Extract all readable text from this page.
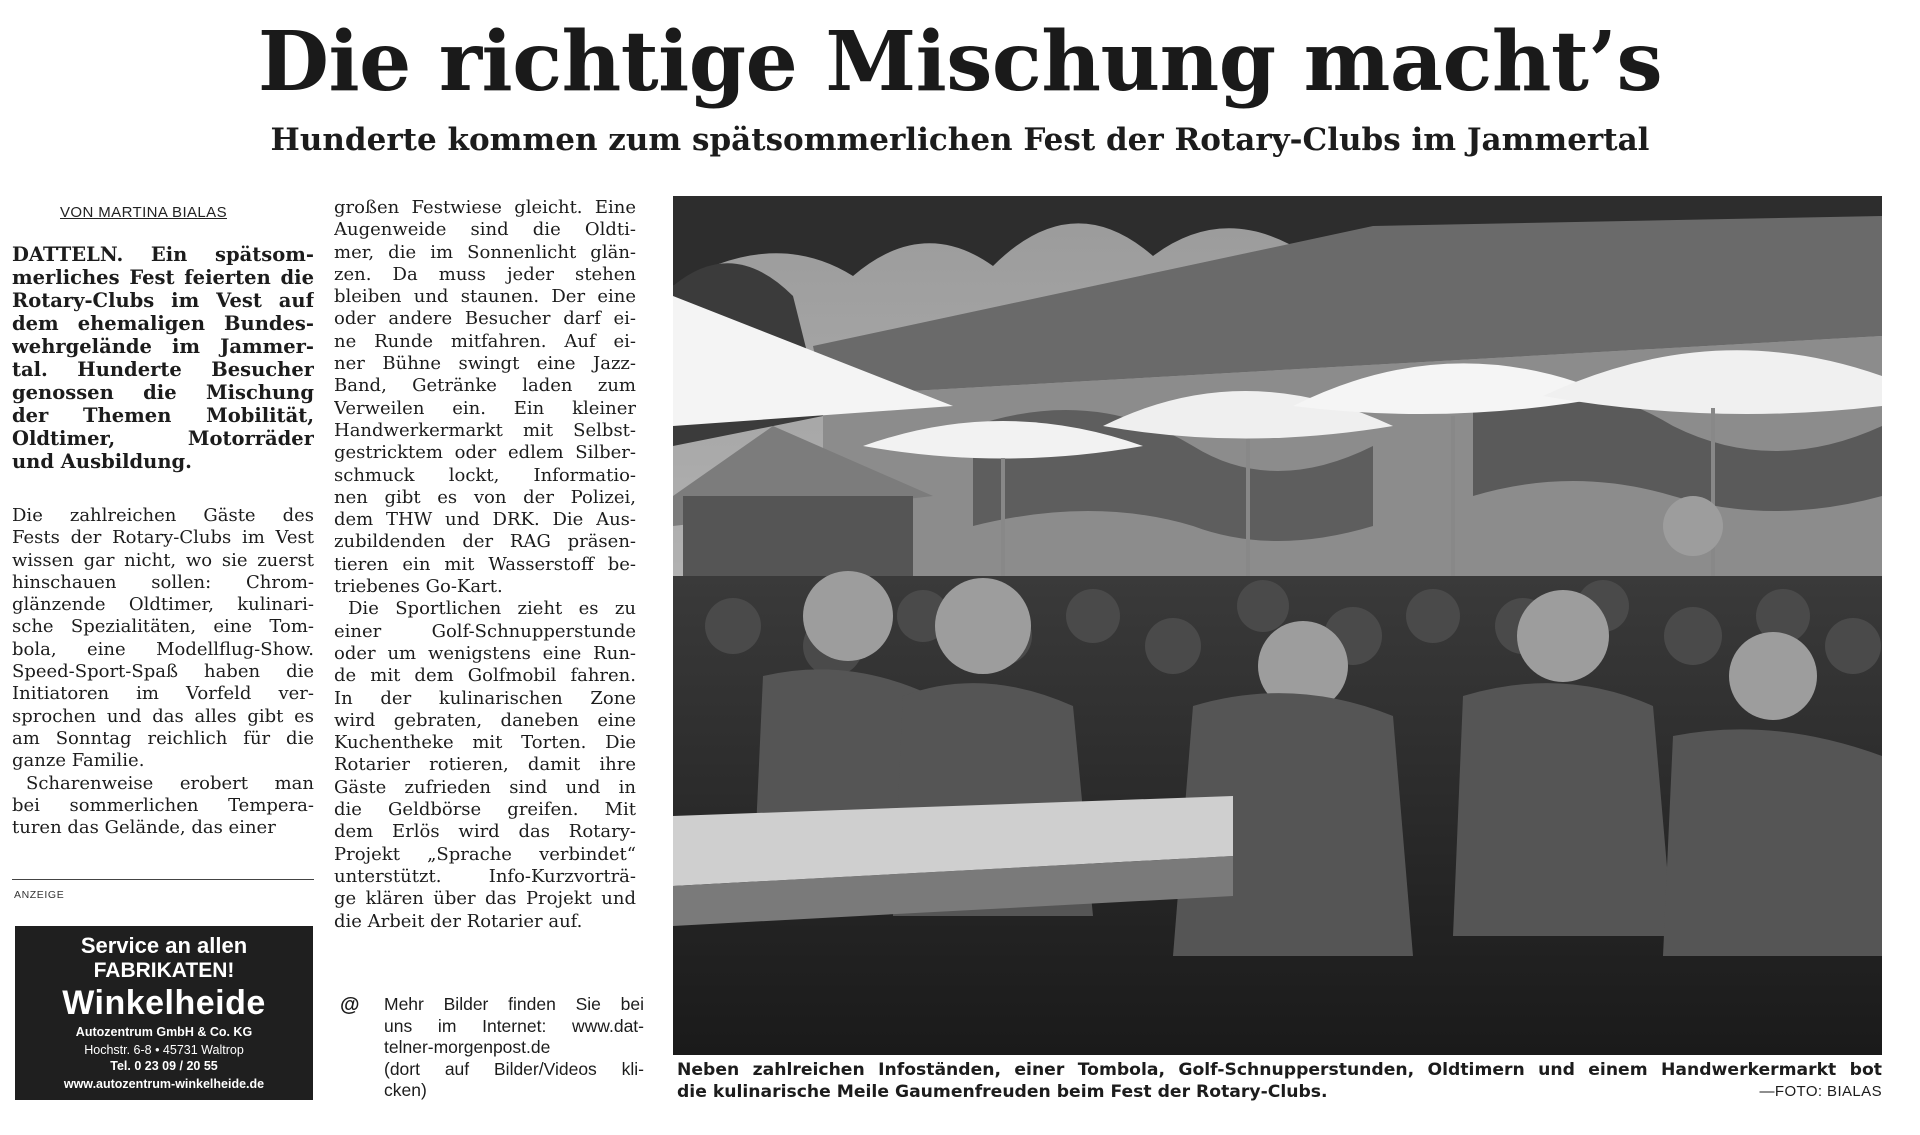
Die richtige Mischung macht’s
Hunderte kommen zum spätsommerlichen Fest der Rotary-Clubs im Jammertal
VON MARTINA BIALAS
DATTELN. Ein spätsom-
merliches Fest feierten die
Rotary-Clubs im Vest auf
dem ehemaligen Bundes-
wehrgelände im Jammer-
tal. Hunderte Besucher
genossen die Mischung
der Themen Mobilität,
Oldtimer, Motorräder
und Ausbildung.
Die zahlreichen Gäste des
Fests der Rotary-Clubs im Vest
wissen gar nicht, wo sie zuerst
hinschauen sollen: Chrom-
glänzende Oldtimer, kulinari-
sche Spezialitäten, eine Tom-
bola, eine Modellflug-Show.
Speed-Sport-Spaß haben die
Initiatoren im Vorfeld ver-
sprochen und das alles gibt es
am Sonntag reichlich für die
ganze Familie.
Scharenweise erobert man
bei sommerlichen Tempera-
turen das Gelände, das einer
großen Festwiese gleicht. Eine
Augenweide sind die Oldti-
mer, die im Sonnenlicht glän-
zen. Da muss jeder stehen
bleiben und staunen. Der eine
oder andere Besucher darf ei-
ne Runde mitfahren. Auf ei-
ner Bühne swingt eine Jazz-
Band, Getränke laden zum
Verweilen ein. Ein kleiner
Handwerkermarkt mit Selbst-
gestricktem oder edlem Silber-
schmuck lockt, Informatio-
nen gibt es von der Polizei,
dem THW und DRK. Die Aus-
zubildenden der RAG präsen-
tieren ein mit Wasserstoff be-
triebenes Go-Kart.
Die Sportlichen zieht es zu
einer Golf-Schnupperstunde
oder um wenigstens eine Run-
de mit dem Golfmobil fahren.
In der kulinarischen Zone
wird gebraten, daneben eine
Kuchentheke mit Torten. Die
Rotarier rotieren, damit ihre
Gäste zufrieden sind und in
die Geldbörse greifen. Mit
dem Erlös wird das Rotary-
Projekt „Sprache verbindet“
unterstützt. Info-Kurzvorträ-
ge klären über das Projekt und
die Arbeit der Rotarier auf.
ANZEIGE
Service an allen
FABRIKATEN!
Winkelheide
Autozentrum GmbH & Co. KG
Hochstr. 6-8 • 45731 Waltrop
Tel. 0 23 09 / 20 55
www.autozentrum-winkelheide.de
@ Mehr Bilder finden Sie bei
uns im Internet: www.dat-
telner-morgenpost.de
(dort auf Bilder/Videos kli-
cken)
Neben zahlreichen Infoständen, einer Tombola, Golf-Schnupperstunden, Oldtimern und einem Handwerkermarkt bot
die kulinarische Meile Gaumenfreuden beim Fest der Rotary-Clubs.	—FOTO: BIALAS
